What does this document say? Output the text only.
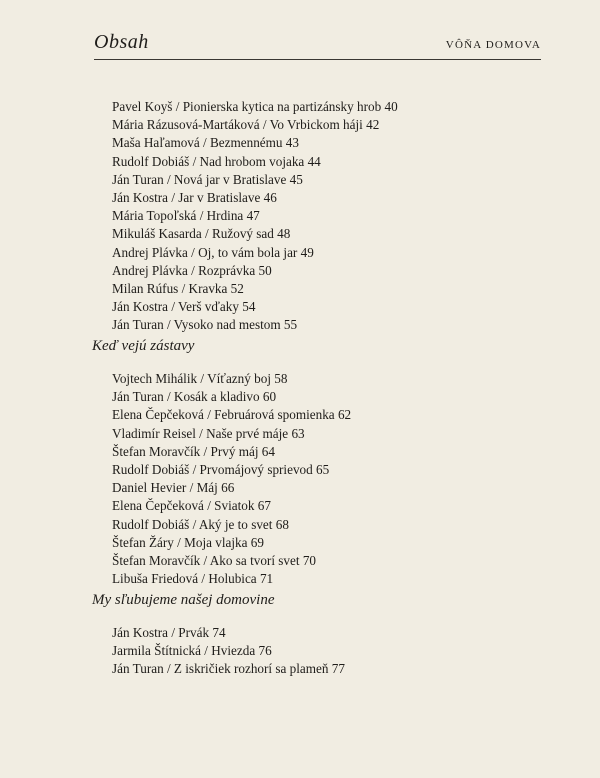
Obsah	VÔŇA DOMOVA
Pavel Koyš / Pionierska kytica na partizánsky hrob 40
Mária Rázusová-Martáková / Vo Vrbickom háji 42
Maša Haľamová / Bezmennému 43
Rudolf Dobiáš / Nad hrobom vojaka 44
Ján Turan / Nová jar v Bratislave 45
Ján Kostra / Jar v Bratislave 46
Mária Topoľská / Hrdina 47
Mikuláš Kasarda / Ružový sad 48
Andrej Plávka / Oj, to vám bola jar 49
Andrej Plávka / Rozprávka 50
Milan Rúfus / Kravka 52
Ján Kostra / Verš vďaky 54
Ján Turan / Vysoko nad mestom 55
Keď vejú zástavy
Vojtech Mihálik / Víťazný boj 58
Ján Turan / Kosák a kladivo 60
Elena Čepčeková / Februárová spomienka 62
Vladimír Reisel / Naše prvé máje 63
Štefan Moravčík / Prvý máj 64
Rudolf Dobiáš / Prvomájový sprievod 65
Daniel Hevier / Máj 66
Elena Čepčeková / Sviatok 67
Rudolf Dobiáš / Aký je to svet 68
Štefan Žáry / Moja vlajka 69
Štefan Moravčík / Ako sa tvorí svet 70
Libuša Friedová / Holubica 71
My sľubujeme našej domovine
Ján Kostra / Prvák 74
Jarmila Štítnická / Hviezda 76
Ján Turan / Z iskričiek rozhorí sa plameň 77
